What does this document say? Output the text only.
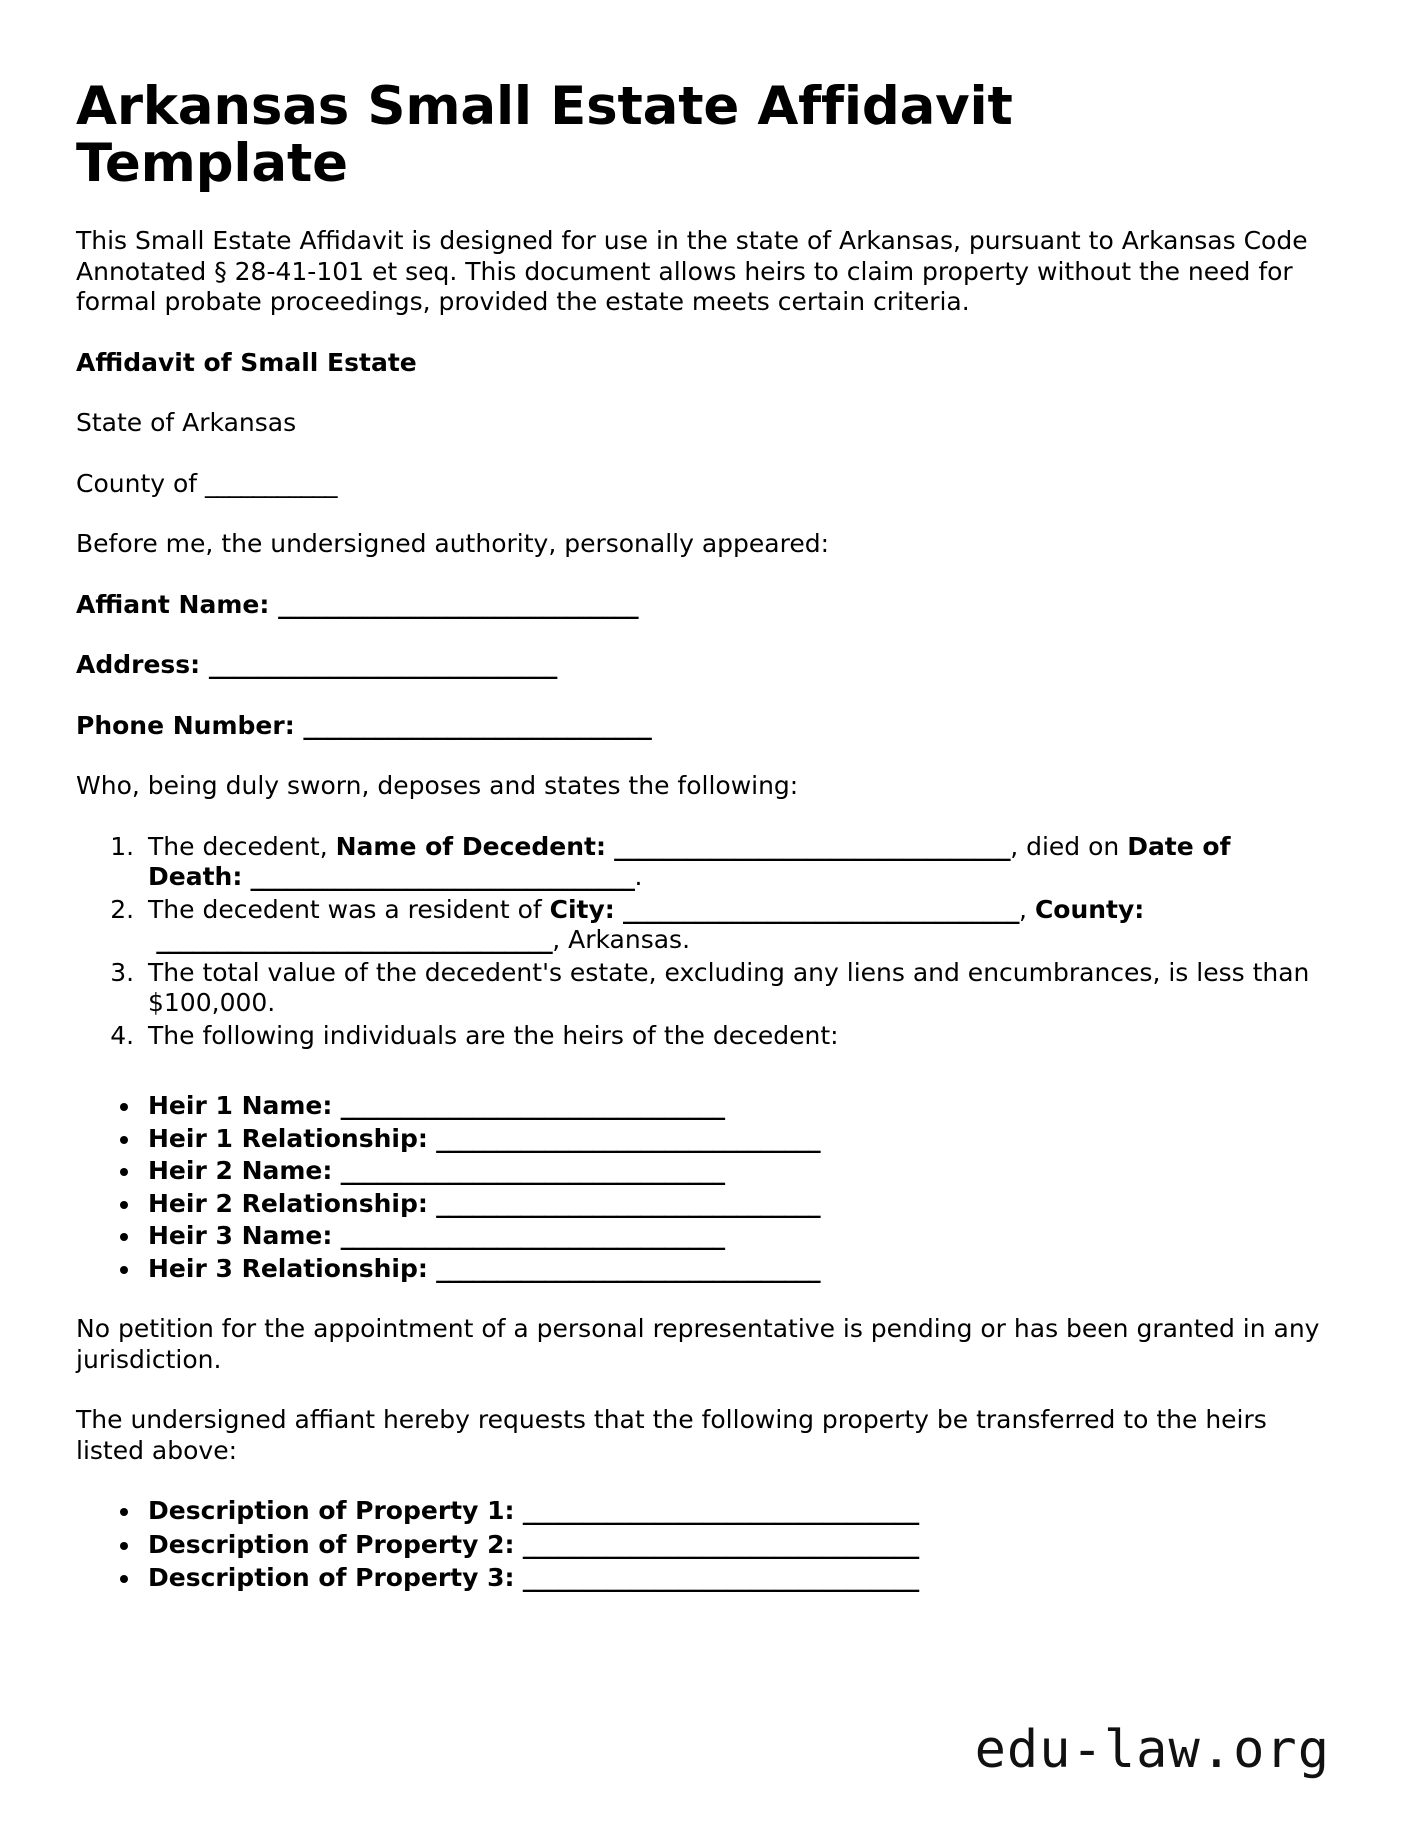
Arkansas Small Estate Affidavit Template

This Small Estate Affidavit is designed for use in the state of Arkansas, pursuant to Arkansas Code Annotated § 28-41-101 et seq. This document allows heirs to claim property without the need for formal probate proceedings, provided the estate meets certain criteria.

Affidavit of Small Estate

State of Arkansas

County of ___________

Before me, the undersigned authority, personally appeared:

Affiant Name: ______________________________
Address: _____________________________
Phone Number: _____________________________

Who, being duly sworn, deposes and states the following:

1. The decedent, Name of Decedent: _________________________________, died on Date of Death: ________________________________.
2. The decedent was a resident of City: _________________________________, County: _________________________________, Arkansas.
3. The total value of the decedent's estate, excluding any liens and encumbrances, is less than $100,000.
4. The following individuals are the heirs of the decedent:
• Heir 1 Name: ________________________________
• Heir 1 Relationship: ________________________________
• Heir 2 Name: ________________________________
• Heir 2 Relationship: ________________________________
• Heir 3 Name: ________________________________
• Heir 3 Relationship: ________________________________

No petition for the appointment of a personal representative is pending or has been granted in any jurisdiction.

The undersigned affiant hereby requests that the following property be transferred to the heirs listed above:

• Description of Property 1: _________________________________
• Description of Property 2: _________________________________
• Description of Property 3: _________________________________
edu-law.org
